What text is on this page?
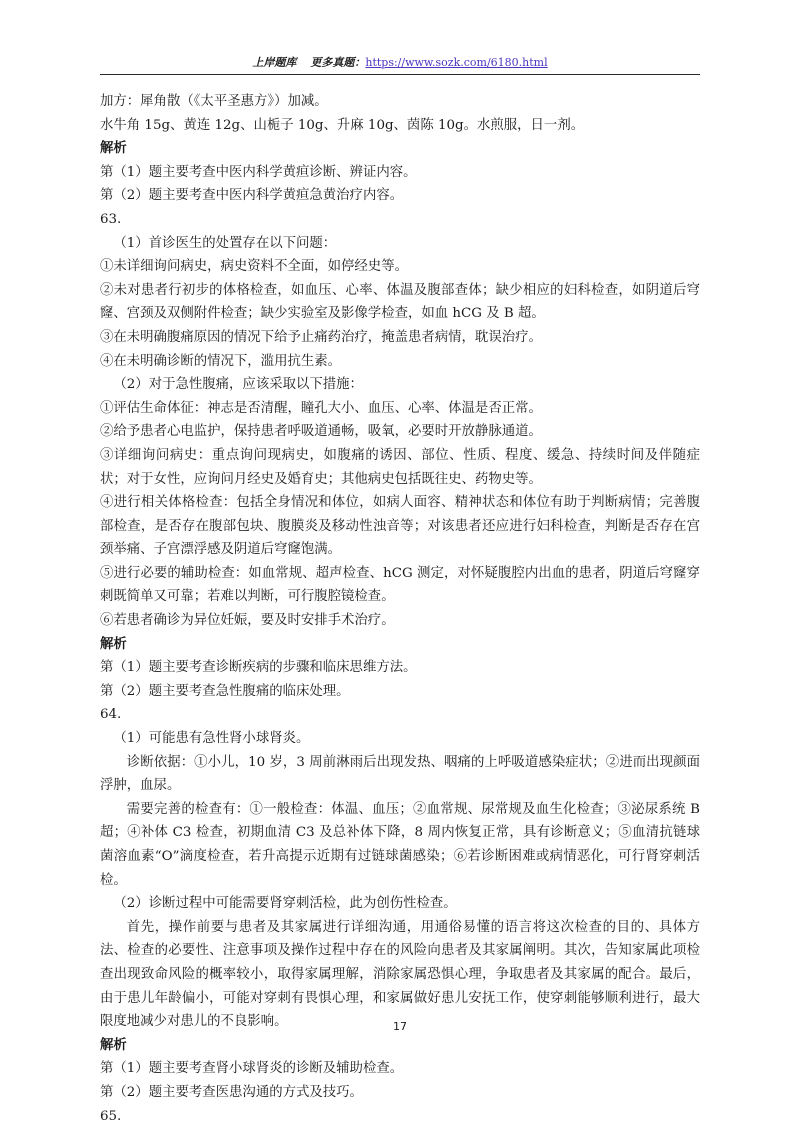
上岸题库 更多真题：https://www.sozk.com/6180.html

加方：犀角散（《太平圣惠方》）加减。

水牛角 15g、黄连 12g、山栀子 10g、升麻 10g、茵陈 10g。水煎服，日一剂。

解析

第（1）题主要考查中医内科学黄疸诊断、辨证内容。

第（2）题主要考查中医内科学黄疸急黄治疗内容。

63.

（1）首诊医生的处置存在以下问题：

①未详细询问病史，病史资料不全面，如停经史等。

②未对患者行初步的体格检查，如血压、心率、体温及腹部查体；缺少相应的妇科检查，如阴道后穹窿、宫颈及双侧附件检查；缺少实验室及影像学检查，如血 hCG 及 B 超。

③在未明确腹痛原因的情况下给予止痛药治疗，掩盖患者病情，耽误治疗。

④在未明确诊断的情况下，滥用抗生素。

（2）对于急性腹痛，应该采取以下措施：

①评估生命体征：神志是否清醒，瞳孔大小、血压、心率、体温是否正常。

②给予患者心电监护，保持患者呼吸道通畅，吸氧，必要时开放静脉通道。

③详细询问病史：重点询问现病史，如腹痛的诱因、部位、性质、程度、缓急、持续时间及伴随症状；对于女性，应询问月经史及婚育史；其他病史包括既往史、药物史等。

④进行相关体格检查：包括全身情况和体位，如病人面容、精神状态和体位有助于判断病情；完善腹部检查，是否存在腹部包块、腹膜炎及移动性浊音等；对该患者还应进行妇科检查，判断是否存在宫颈举痛、子宫漂浮感及阴道后穹窿饱满。

⑤进行必要的辅助检查：如血常规、超声检查、hCG 测定，对怀疑腹腔内出血的患者，阴道后穹窿穿刺既简单又可靠；若难以判断，可行腹腔镜检查。

⑥若患者确诊为异位妊娠，要及时安排手术治疗。

解析

第（1）题主要考查诊断疾病的步骤和临床思维方法。

第（2）题主要考查急性腹痛的临床处理。

64.

（1）可能患有急性肾小球肾炎。

诊断依据：①小儿，10 岁，3 周前淋雨后出现发热、咽痛的上呼吸道感染症状；②进而出现颜面浮肿，血尿。

需要完善的检查有：①一般检查：体温、血压；②血常规、尿常规及血生化检查；③泌尿系统 B 超；④补体 C3 检查，初期血清 C3 及总补体下降，8 周内恢复正常，具有诊断意义；⑤血清抗链球菌溶血素“O”滴度检查，若升高提示近期有过链球菌感染；⑥若诊断困难或病情恶化，可行肾穿刺活检。

（2）诊断过程中可能需要肾穿刺活检，此为创伤性检查。

首先，操作前要与患者及其家属进行详细沟通，用通俗易懂的语言将这次检查的目的、具体方法、检查的必要性、注意事项及操作过程中存在的风险向患者及其家属阐明。其次，告知家属此项检查出现致命风险的概率较小，取得家属理解，消除家属恐惧心理，争取患者及其家属的配合。最后，由于患儿年龄偏小，可能对穿刺有畏惧心理，和家属做好患儿安抚工作，使穿刺能够顺利进行，最大限度地减少对患儿的不良影响。

解析

第（1）题主要考查肾小球肾炎的诊断及辅助检查。

第（2）题主要考查医患沟通的方式及技巧。

65.

17
